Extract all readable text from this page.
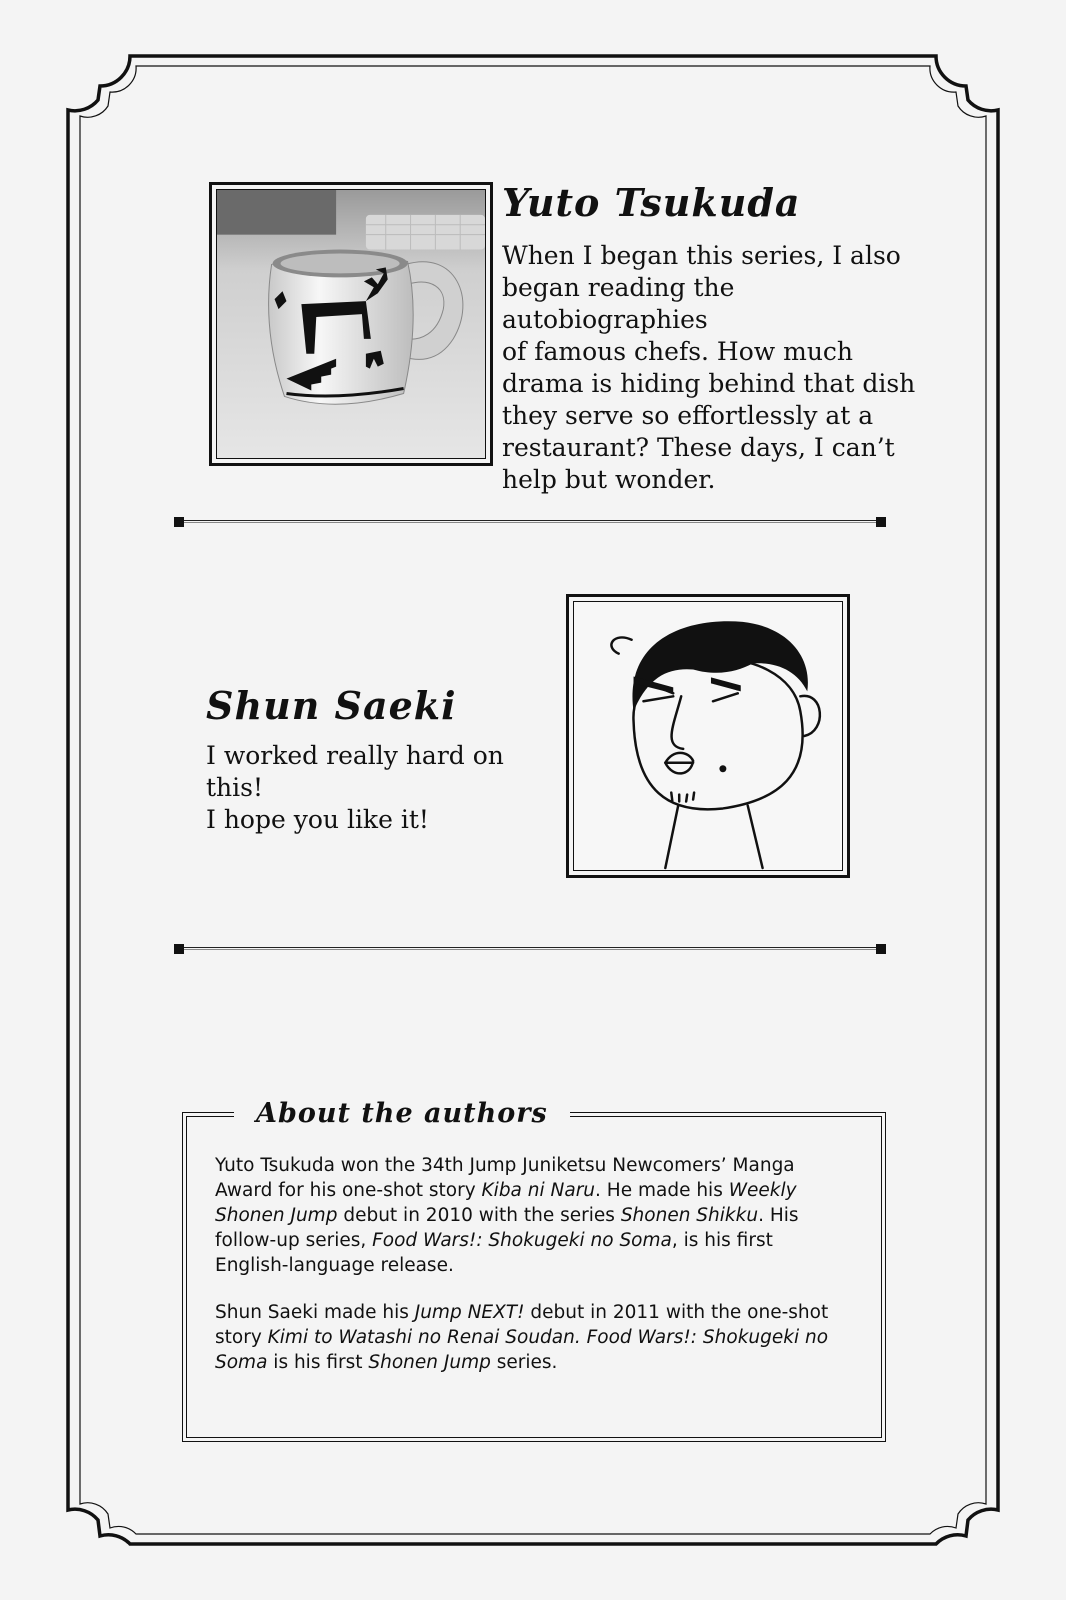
Yuto Tsukuda
When I began this series, I also
began reading the autobiographies
of famous chefs. How much
drama is hiding behind that dish
they serve so effortlessly at a
restaurant? These days, I can’t
help but wonder.
Shun Saeki
I worked really hard on this!
I hope you like it!

Yuto Tsukuda won the 34th Jump Juniketsu Newcomers’ Manga Award for his one-shot story Kiba ni Naru. He made his Weekly Shonen Jump debut in 2010 with the series Shonen Shikku. His follow-up series, Food Wars!: Shokugeki no Soma, is his first English-language release.

Shun Saeki made his Jump NEXT! debut in 2011 with the one-shot story Kimi to Watashi no Renai Soudan. Food Wars!: Shokugeki no Soma is his first Shonen Jump series.

About the authors
